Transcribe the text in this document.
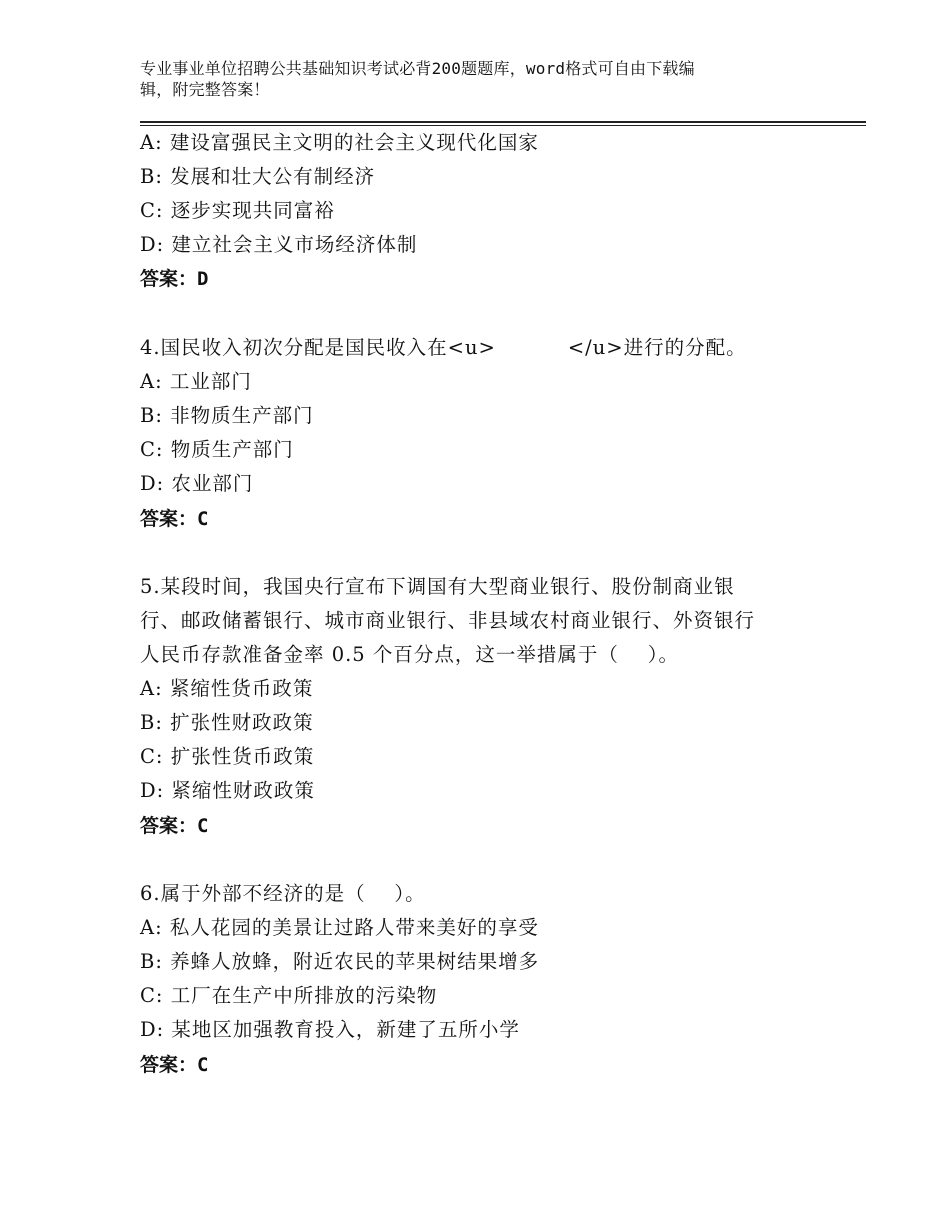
专业事业单位招聘公共基础知识考试必背200题题库，word格式可自由下载编
辑，附完整答案！
A: 建设富强民主文明的社会主义现代化国家
B: 发展和壮大公有制经济
C: 逐步实现共同富裕
D: 建立社会主义市场经济体制
答案：D
4.国民收入初次分配是国民收入在<u>          </u>进行的分配。
A: 工业部门
B: 非物质生产部门
C: 物质生产部门
D: 农业部门
答案：C
5.某段时间，我国央行宣布下调国有大型商业银行、股份制商业银
行、邮政储蓄银行、城市商业银行、非县域农村商业银行、外资银行
人民币存款准备金率 0.5 个百分点，这一举措属于（    ）。
A: 紧缩性货币政策
B: 扩张性财政政策
C: 扩张性货币政策
D: 紧缩性财政政策
答案：C
6.属于外部不经济的是（    ）。
A: 私人花园的美景让过路人带来美好的享受
B: 养蜂人放蜂，附近农民的苹果树结果增多
C: 工厂在生产中所排放的污染物
D: 某地区加强教育投入，新建了五所小学
答案：C
